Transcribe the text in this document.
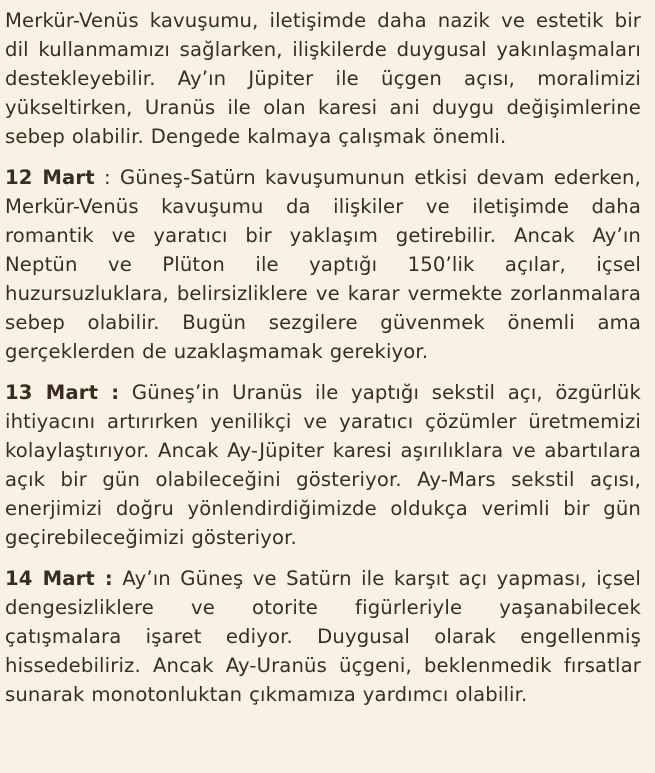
Merkür-Venüs kavuşumu, iletişimde daha nazik ve estetik bir dil kullanmamızı sağlarken, ilişkilerde duygusal yakınlaşmaları destekleyebilir. Ay’ın Jüpiter ile üçgen açısı, moralimizi yükseltirken, Uranüs ile olan karesi ani duygu değişimlerine sebep olabilir. Dengede kalmaya çalışmak önemli.

12 Mart : Güneş-Satürn kavuşumunun etkisi devam ederken, Merkür-Venüs kavuşumu da ilişkiler ve iletişimde daha romantik ve yaratıcı bir yaklaşım getirebilir. Ancak Ay’ın Neptün ve Plüton ile yaptığı 150’lik açılar, içsel huzursuzluklara, belirsizliklere ve karar vermekte zorlanmalara sebep olabilir. Bugün sezgilere güvenmek önemli ama gerçeklerden de uzaklaşmamak gerekiyor.

13 Mart : Güneş’in Uranüs ile yaptığı sekstil açı, özgürlük ihtiyacını artırırken yenilikçi ve yaratıcı çözümler üretmemizi kolaylaştırıyor. Ancak Ay-Jüpiter karesi aşırılıklara ve abartılara açık bir gün olabileceğini gösteriyor. Ay-Mars sekstil açısı, enerjimizi doğru yönlendirdiğimizde oldukça verimli bir gün geçirebileceğimizi gösteriyor.

14 Mart : Ay’ın Güneş ve Satürn ile karşıt açı yapması, içsel dengesizliklere ve otorite figürleriyle yaşanabilecek çatışmalara işaret ediyor. Duygusal olarak engellenmiş hissedebiliriz. Ancak Ay-Uranüs üçgeni, beklenmedik fırsatlar sunarak monotonluktan çıkmamıza yardımcı olabilir.
